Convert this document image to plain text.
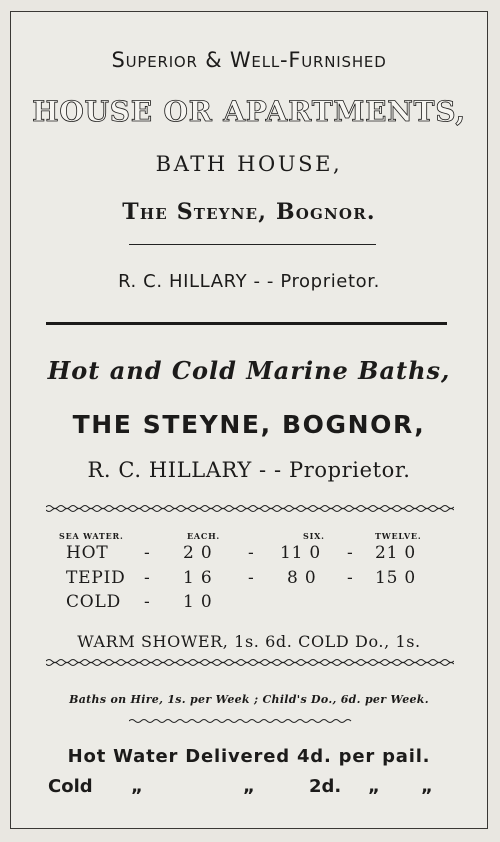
Superior & Well-Furnished
HOUSE OR APARTMENTS,
BATH HOUSE,
The Steyne, Bognor.
R. C. HILLARY - - Proprietor.
Hot and Cold Marine Baths,
THE STEYNE, BOGNOR,
R. C. HILLARY - - Proprietor.
SEA WATER.	EACH.	SIX.	TWELVE.
HOT - 2 0 - 11 0 - 21 0
TEPID - 1 6 - 8 0 - 15 0
COLD - 1 0
WARM SHOWER, 1s. 6d. COLD Do., 1s.
Baths on Hire, 1s. per Week ; Child's Do., 6d. per Week.
Hot Water Delivered 4d. per pail.
Cold „	„	2d. „ „
